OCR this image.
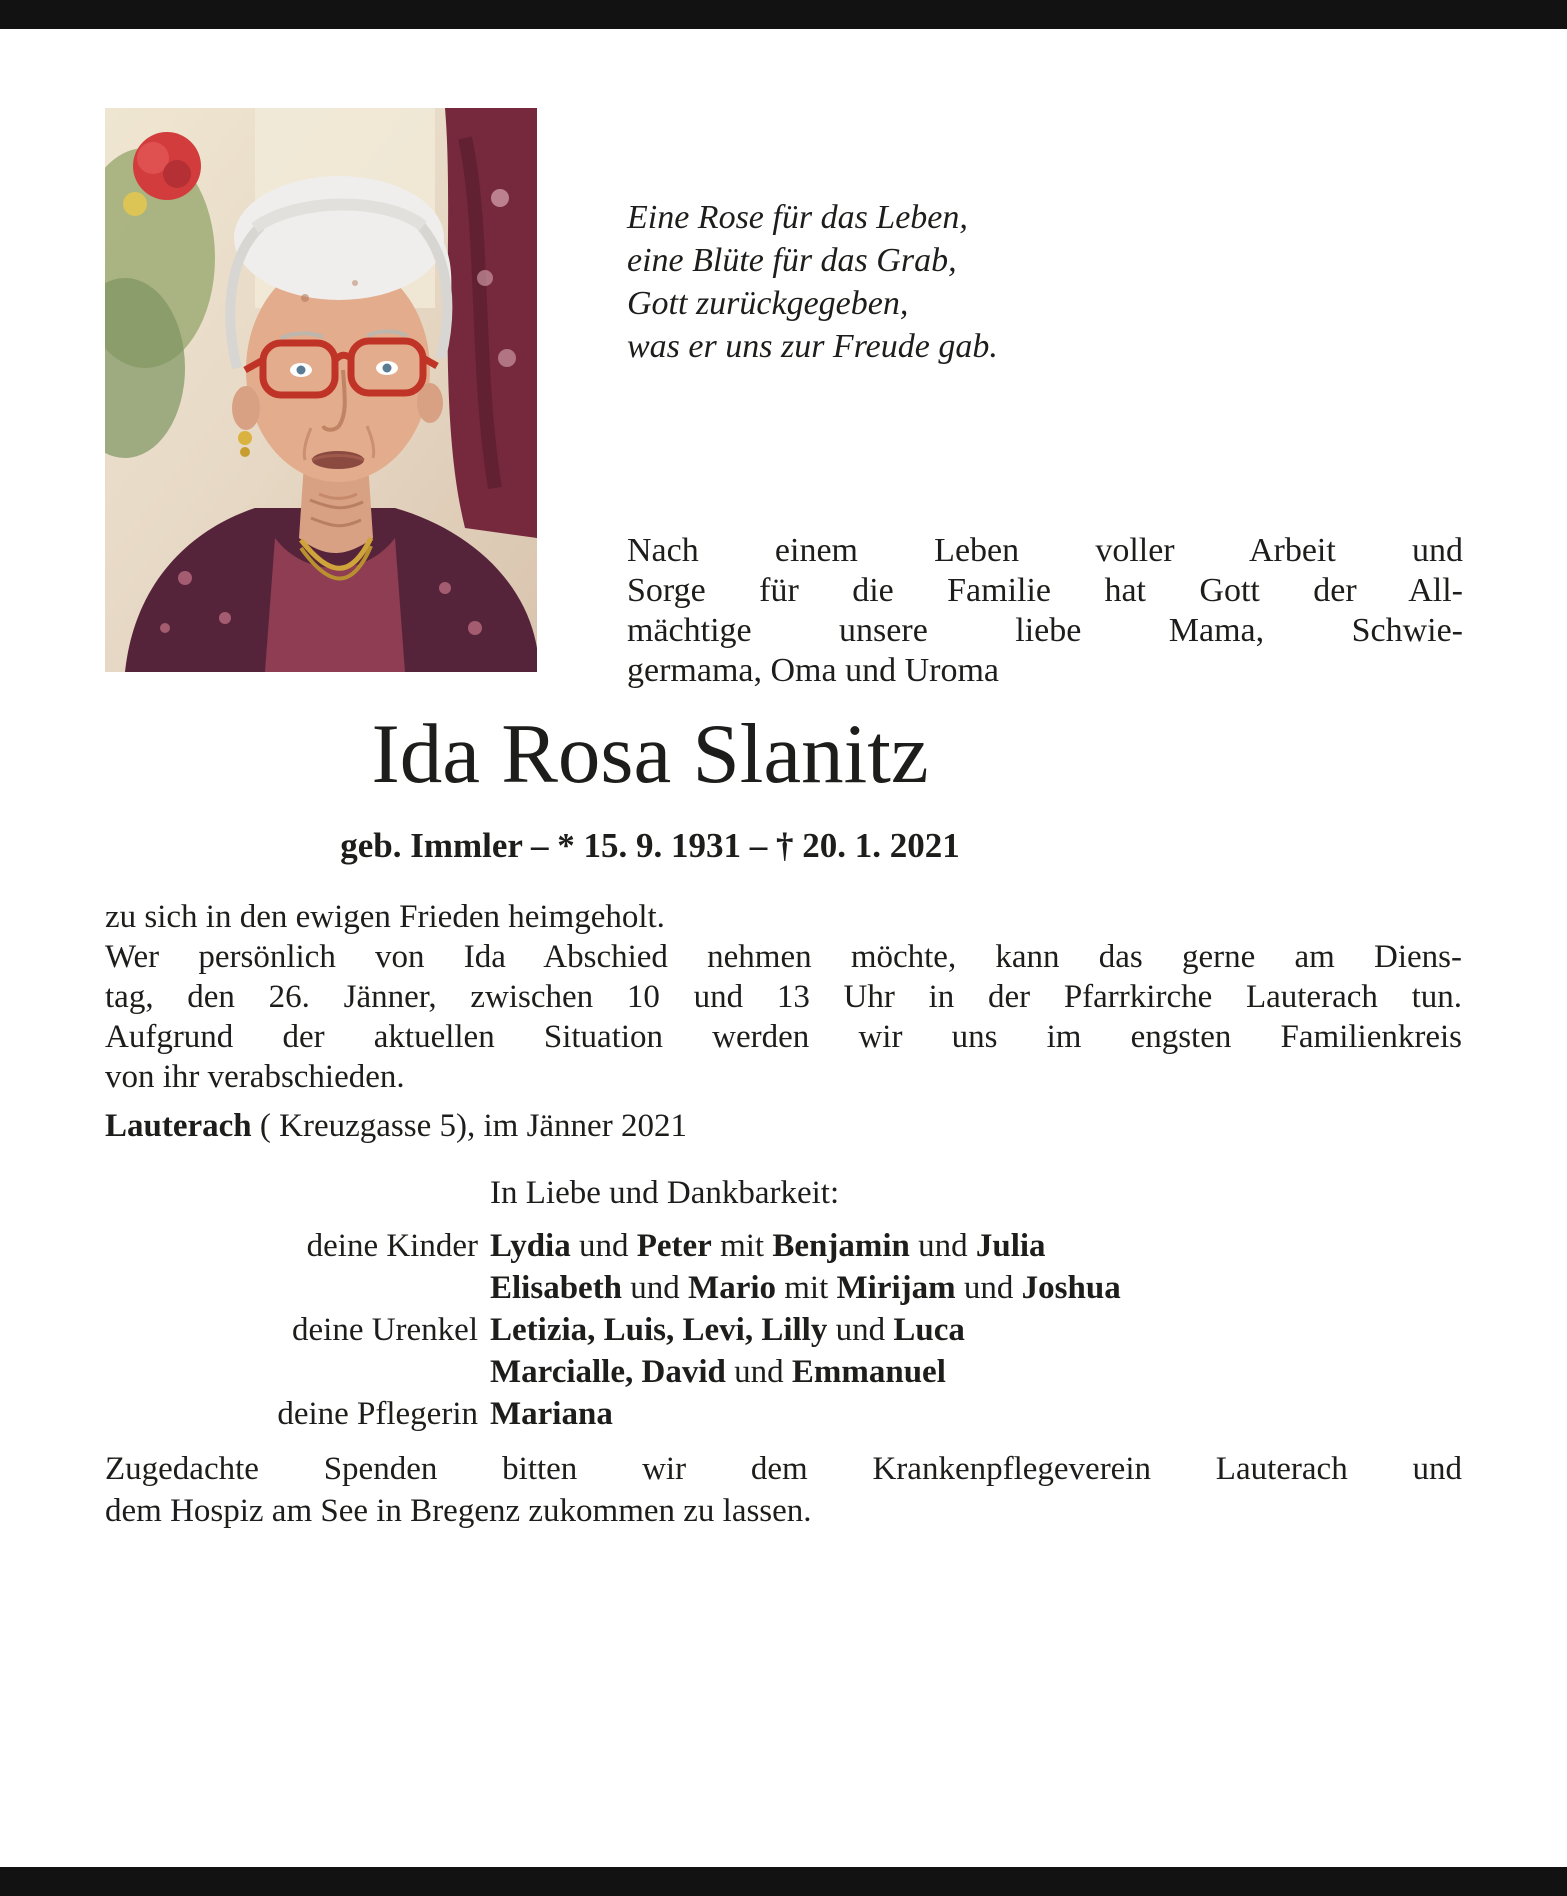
Eine Rose für das Leben,
eine Blüte für das Grab,
Gott zurückgegeben,
was er uns zur Freude gab.
Nach einem Leben voller Arbeit und
Sorge für die Familie hat Gott der All-
mächtige unsere liebe Mama, Schwie-
germama, Oma und Uroma
Ida Rosa Slanitz
geb. Immler – * 15. 9. 1931 – † 20. 1. 2021
zu sich in den ewigen Frieden heimgeholt.
Wer persönlich von Ida Abschied nehmen möchte, kann das gerne am Diens-
tag, den 26. Jänner, zwischen 10 und 13 Uhr in der Pfarrkirche Lauterach tun.
Aufgrund der aktuellen Situation werden wir uns im engsten Familienkreis
von ihr verabschieden.
Lauterach ( Kreuzgasse 5), im Jänner 2021
In Liebe und Dankbarkeit:
deine Kinder Lydia und Peter mit Benjamin und Julia
Elisabeth und Mario mit Mirijam und Joshua
deine Urenkel Letizia, Luis, Levi, Lilly und Luca
Marcialle, David und Emmanuel
deine Pflegerin Mariana
Zugedachte Spenden bitten wir dem Krankenpflegeverein Lauterach und
dem Hospiz am See in Bregenz zukommen zu lassen.
